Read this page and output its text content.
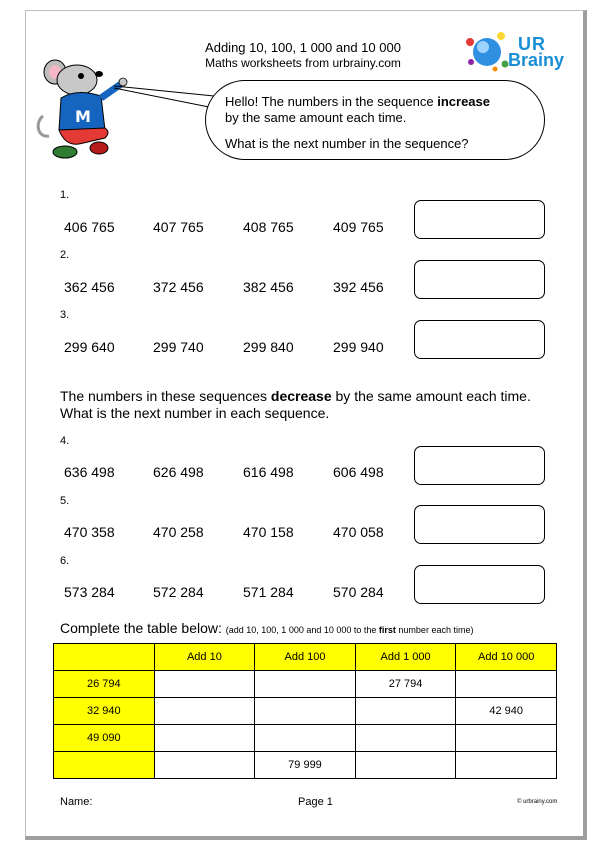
Adding 10, 100, 1 000 and 10 000
Maths worksheets from urbrainy.com
UR
Brainy
M
Hello! The numbers in the sequence increase
by the same amount each time.
What is the next number in the sequence?
1.
406 765	407 765	408 765	409 765
2.
362 456	372 456	382 456	392 456
3.
299 640	299 740	299 840	299 940
The numbers in these sequences decrease by the same amount each time.
What is the next number in each sequence.
4.
636 498	626 498	616 498	606 498
5.
470 358	470 258	470 158	470 058
6.
573 284	572 284	571 284	570 284
Complete the table below: (add 10, 100, 1 000 and 10 000 to the first number each time)
	Add 10	Add 100	Add 1 000	Add 10 000
26 794			27 794	
32 940				42 940
49 090				
		79 999		
Name:	Page 1	© urbrainy.com
